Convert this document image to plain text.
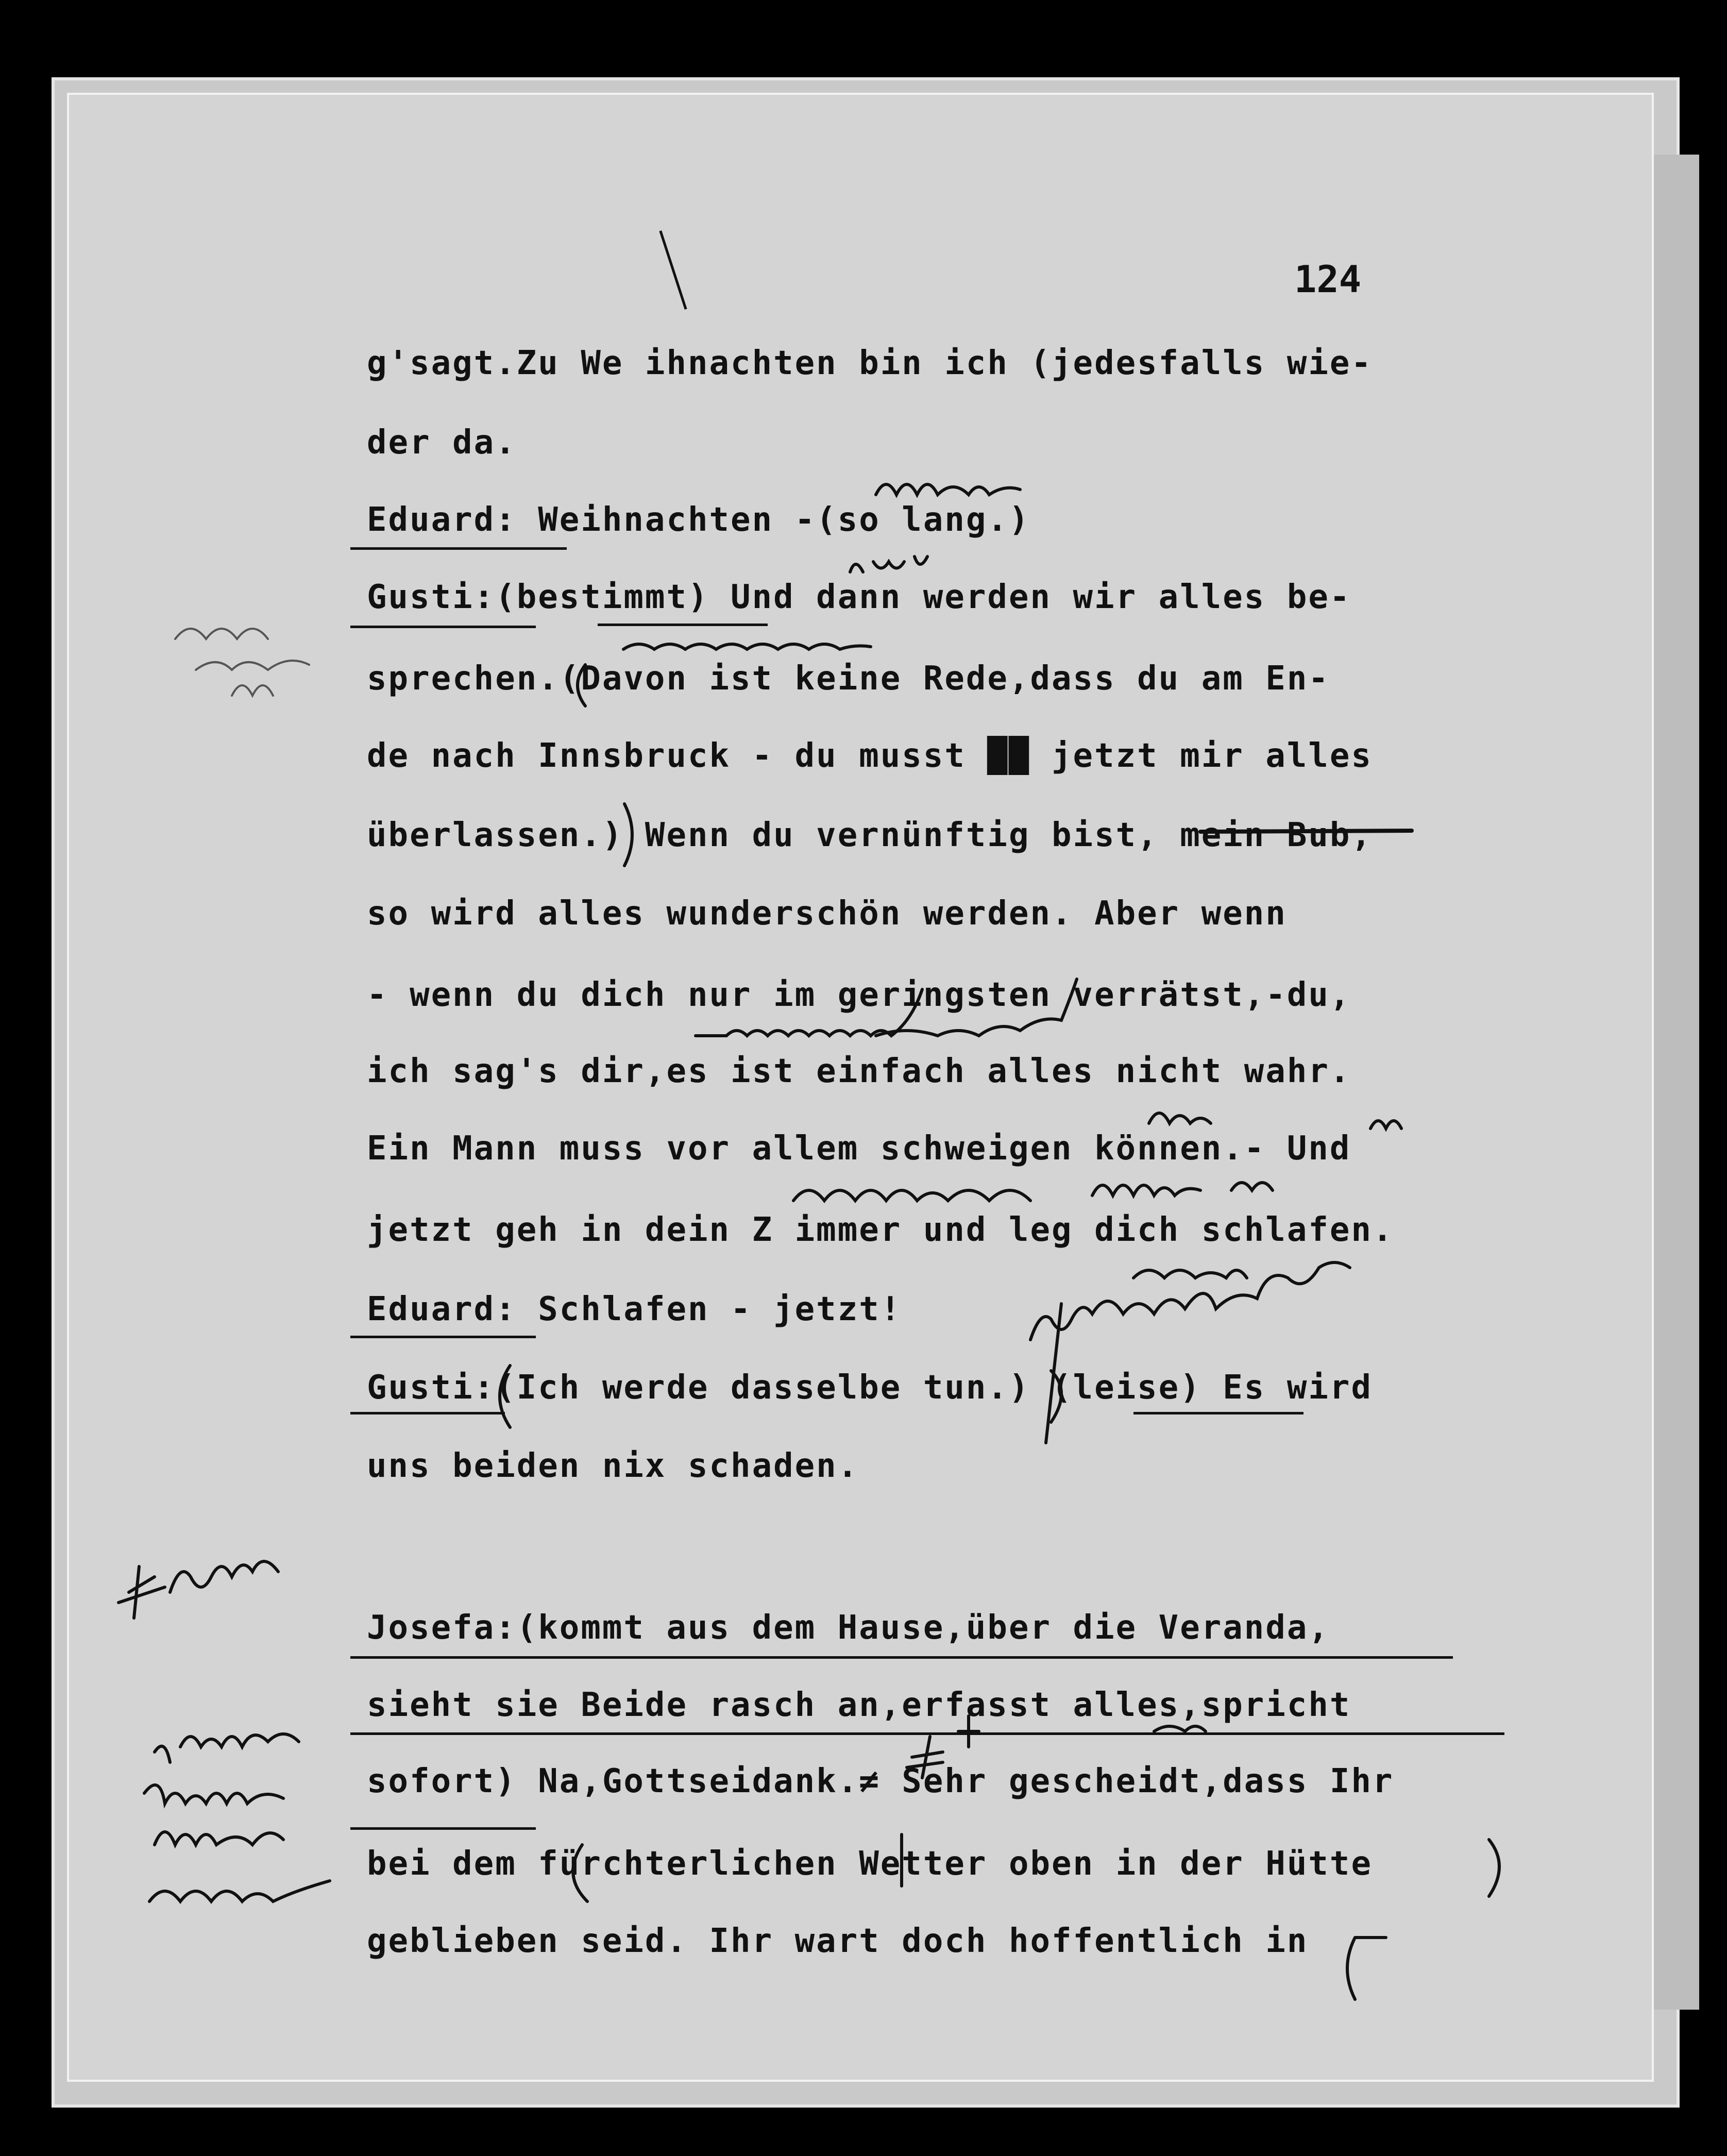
124
g'sagt.Zu We ihnachten bin ich (jedesfalls wie-
der da.
Eduard: Weihnachten -(so lang.)
Gusti:(bestimmt) Und dann werden wir alles be-
sprechen.(Davon ist keine Rede,dass du am En-
de nach Innsbruck - du musst ██ jetzt mir alles
überlassen.) Wenn du vernünftig bist, mein Bub,
so wird alles wunderschön werden. Aber wenn
- wenn du dich nur im geringsten verrätst,-du,
ich sag's dir,es ist einfach alles nicht wahr.
Ein Mann muss vor allem schweigen können.- Und
jetzt geh in dein Z immer und leg dich schlafen.
Eduard: Schlafen - jetzt!
Gusti:(Ich werde dasselbe tun.) (leise) Es wird
uns beiden nix schaden.
Josefa:(kommt aus dem Hause,über die Veranda,
sieht sie Beide rasch an,erfasst alles,spricht
sofort) Na,Gottseidank.≠ Sehr gescheidt,dass Ihr
bei dem fürchterlichen Wetter oben in der Hütte
geblieben seid. Ihr wart doch hoffentlich in
